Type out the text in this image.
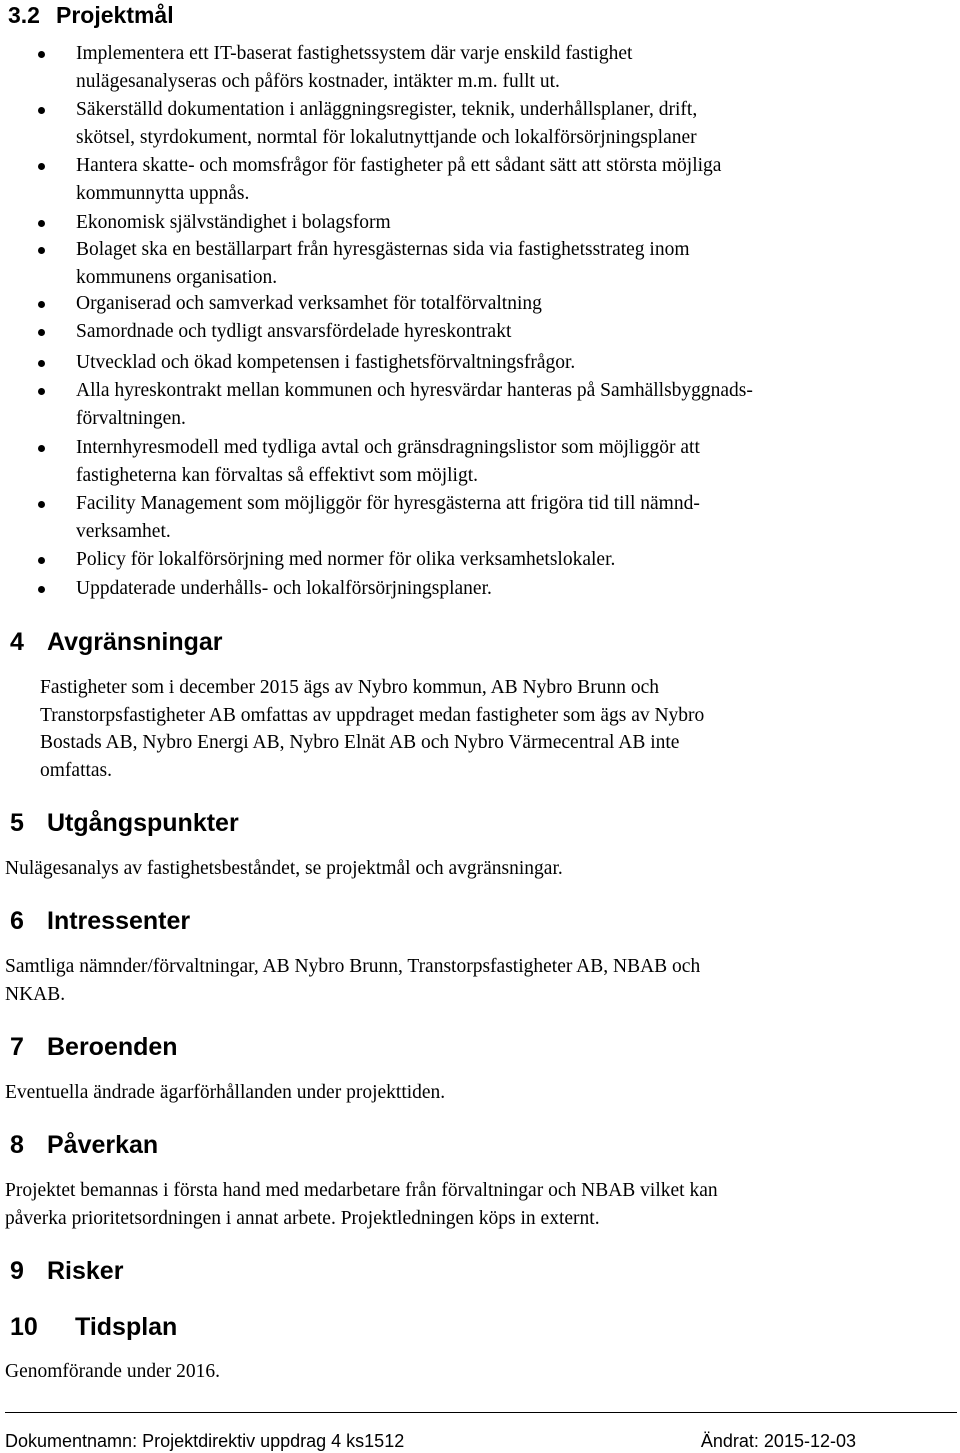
3.2 Projektmål
Implementera ett IT-baserat fastighetssystem där varje enskild fastighet
nulägesanalyseras och påförs kostnader, intäkter m.m. fullt ut.
Säkerställd dokumentation i anläggningsregister, teknik, underhållsplaner, drift,
skötsel, styrdokument, normtal för lokalutnyttjande och lokalförsörjningsplaner
Hantera skatte- och momsfrågor för fastigheter på ett sådant sätt att största möjliga
kommunnytta uppnås.
Ekonomisk självständighet i bolagsform
Bolaget ska en beställarpart från hyresgästernas sida via fastighetsstrateg inom
kommunens organisation.
Organiserad och samverkad verksamhet för totalförvaltning
Samordnade och tydligt ansvarsfördelade hyreskontrakt
Utvecklad och ökad kompetensen i fastighetsförvaltningsfrågor.
Alla hyreskontrakt mellan kommunen och hyresvärdar hanteras på Samhällsbyggnads-
förvaltningen.
Internhyresmodell med tydliga avtal och gränsdragningslistor som möjliggör att
fastigheterna kan förvaltas så effektivt som möjligt.
Facility Management som möjliggör för hyresgästerna att frigöra tid till nämnd-
verksamhet.
Policy för lokalförsörjning med normer för olika verksamhetslokaler.
Uppdaterade underhålls- och lokalförsörjningsplaner.
4 Avgränsningar
Fastigheter som i december 2015 ägs av Nybro kommun, AB Nybro Brunn och
Transtorpsfastigheter AB omfattas av uppdraget medan fastigheter som ägs av Nybro
Bostads AB, Nybro Energi AB, Nybro Elnät AB och Nybro Värmecentral AB inte
omfattas.
5 Utgångspunkter
Nulägesanalys av fastighetsbeståndet, se projektmål och avgränsningar.
6 Intressenter
Samtliga nämnder/förvaltningar, AB Nybro Brunn, Transtorpsfastigheter AB, NBAB och
NKAB.
7 Beroenden
Eventuella ändrade ägarförhållanden under projekttiden.
8 Påverkan
Projektet bemannas i första hand med medarbetare från förvaltningar och NBAB vilket kan
påverka prioritetsordningen i annat arbete. Projektledningen köps in externt.
9 Risker
10 Tidsplan
Genomförande under 2016.
Dokumentnamn: Projektdirektiv uppdrag 4 ks1512	Ändrat: 2015-12-03
